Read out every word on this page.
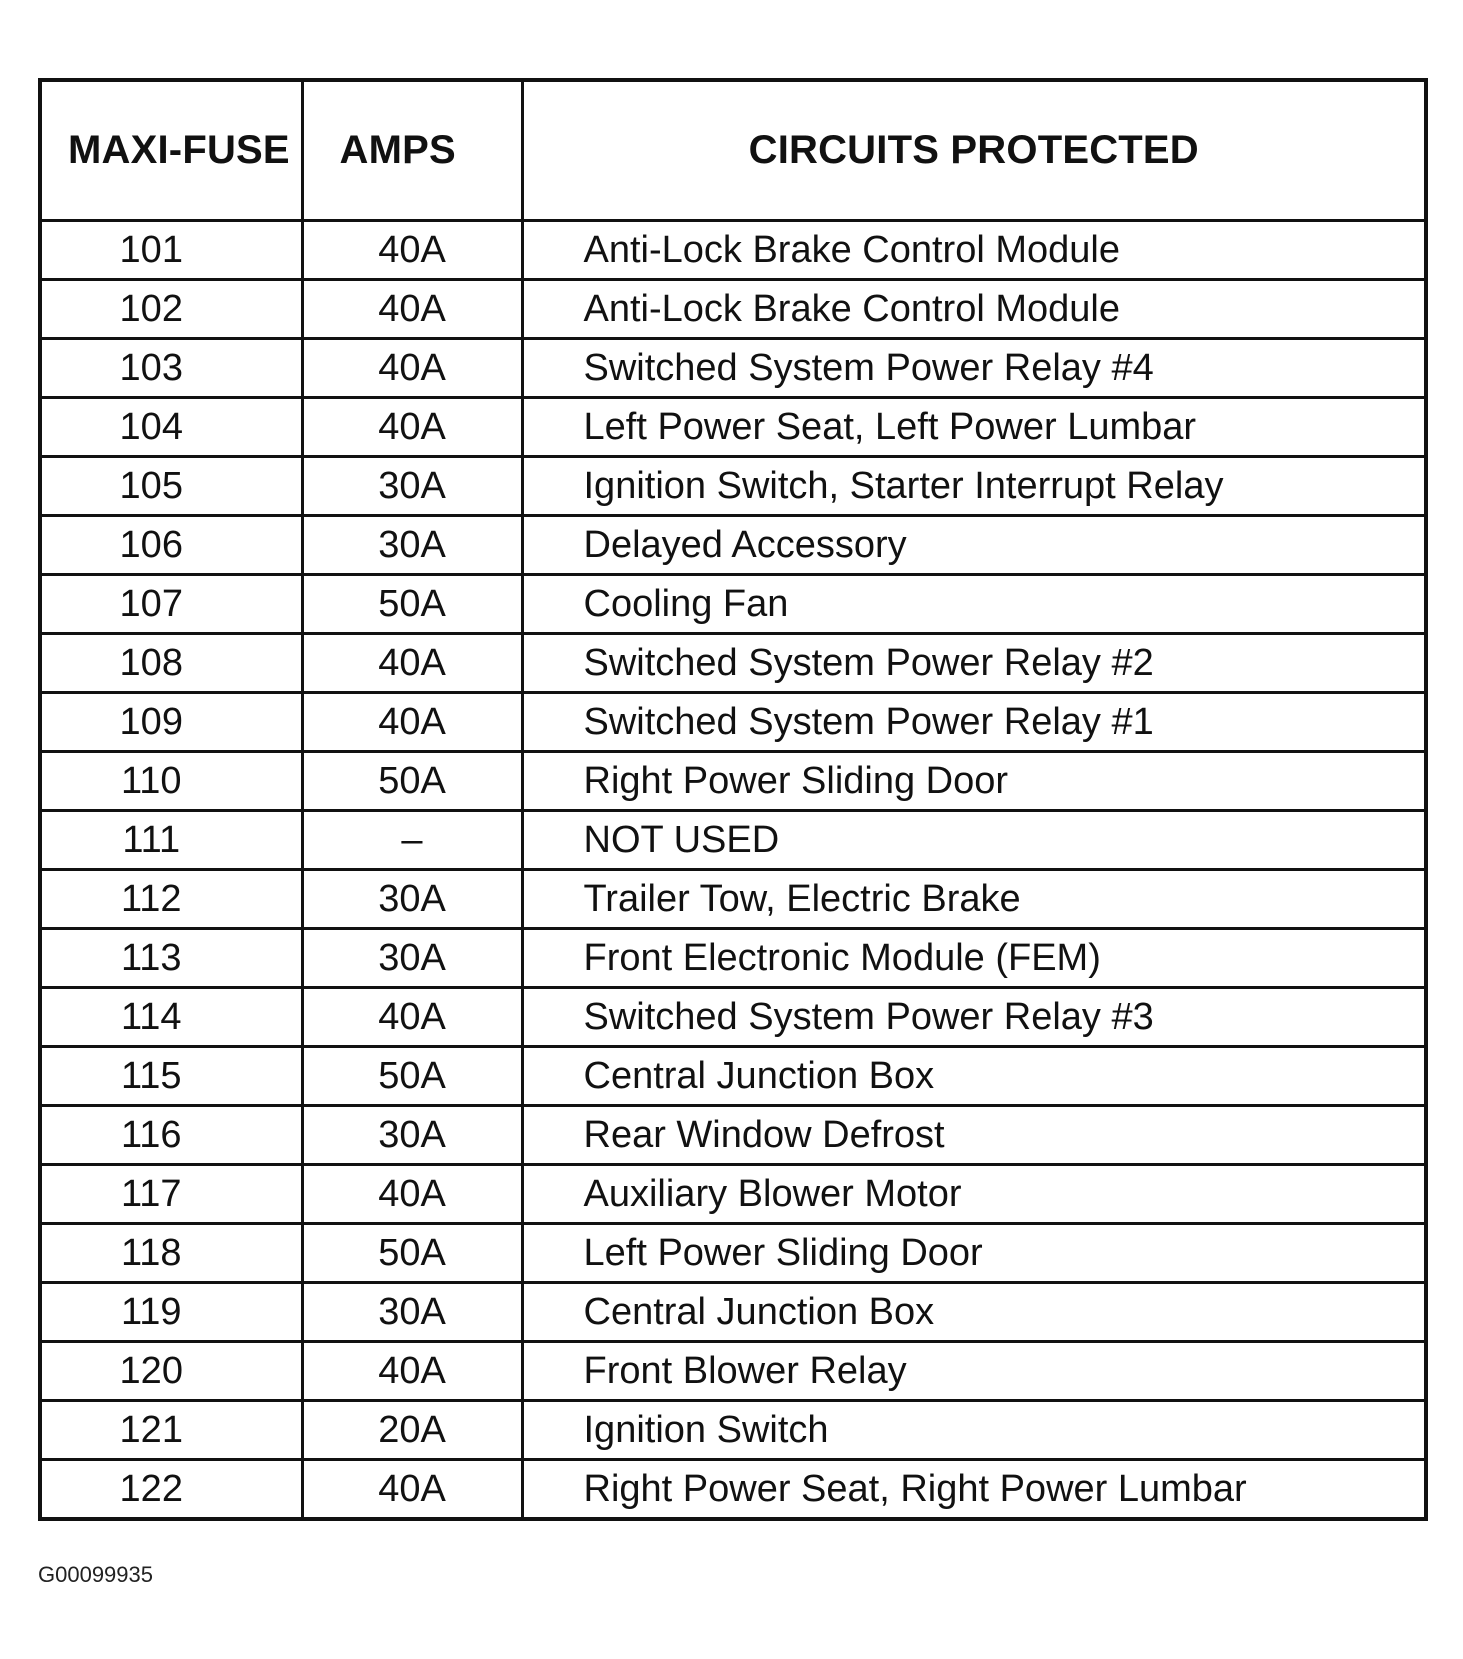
MAXI-FUSE	AMPS	CIRCUITS PROTECTED
101	40A	Anti-Lock Brake Control Module
102	40A	Anti-Lock Brake Control Module
103	40A	Switched System Power Relay #4
104	40A	Left Power Seat, Left Power Lumbar
105	30A	Ignition Switch, Starter Interrupt Relay
106	30A	Delayed Accessory
107	50A	Cooling Fan
108	40A	Switched System Power Relay #2
109	40A	Switched System Power Relay #1
110	50A	Right Power Sliding Door
111	–	NOT USED
112	30A	Trailer Tow, Electric Brake
113	30A	Front Electronic Module (FEM)
114	40A	Switched System Power Relay #3
115	50A	Central Junction Box
116	30A	Rear Window Defrost
117	40A	Auxiliary Blower Motor
118	50A	Left Power Sliding Door
119	30A	Central Junction Box
120	40A	Front Blower Relay
121	20A	Ignition Switch
122	40A	Right Power Seat, Right Power Lumbar
G00099935
